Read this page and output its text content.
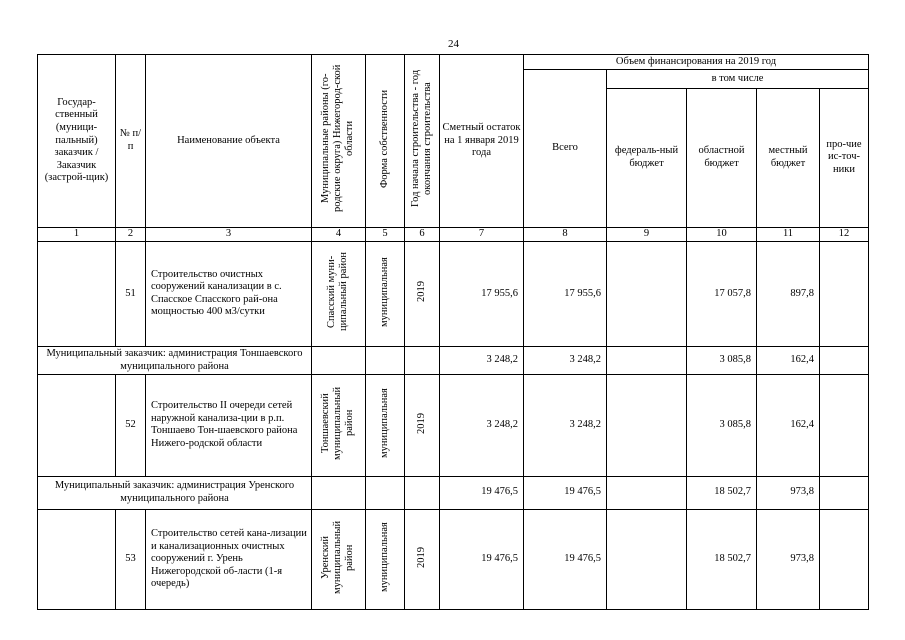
24
Государ-ственный (муници-пальный) заказчик / Заказчик (застрой-щик)	№ п/п	Наименование объекта	Муниципальные районы (го-родские округа) Нижегород-ской области	Форма собственности	Год начала строительства - год окончания строительства	Сметный остаток на 1 января 2019 года	Объем финансирования на 2019 год				
							Всего	в том числе			
								федераль-ный бюджет	областной бюджет	местный бюджет	про-чие ис-точ-ники
1	2	3	4	5	6	7	8	9	10	11	12
	51	Строительство очистных сооружений канализации в с. Спасское Спасского рай-она мощностью 400 м3/сутки	Спасский муни-ципальный район	муниципальная	2019	17 955,6	17 955,6		17 057,8	897,8	
Муниципальный заказчик: администрация Тоншаевского муниципального района						3 248,2	3 248,2		3 085,8	162,4	
	52	Строительство II очереди сетей наружной канализа-ции в р.п. Тоншаево Тон-шаевского района Нижего-родской области	Тоншаевский муниципальный район	муниципальная	2019	3 248,2	3 248,2		3 085,8	162,4	
Муниципальный заказчик: администрация Уренского муниципального района						19 476,5	19 476,5		18 502,7	973,8	
	53	Строительство сетей кана-лизации и канализационных очистных сооружений г. Урень Нижегородской об-ласти (1-я очередь)	Уренский муниципальный район	муниципальная	2019	19 476,5	19 476,5		18 502,7	973,8	
